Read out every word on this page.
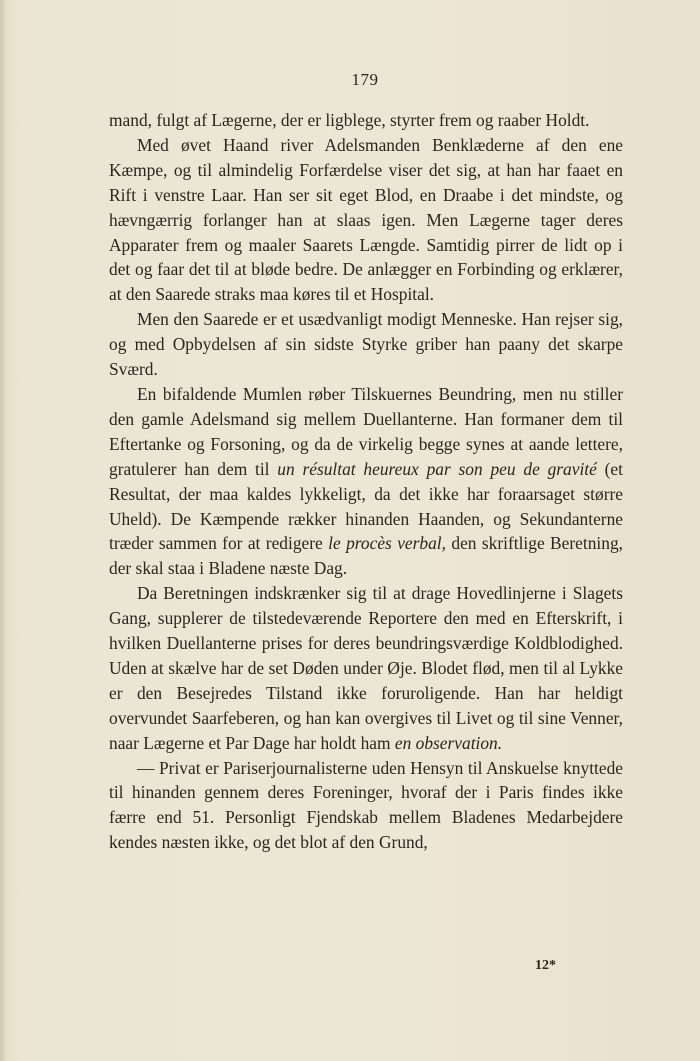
179

mand, fulgt af Lægerne, der er ligblege, styrter frem og raaber Holdt.

Med øvet Haand river Adelsmanden Benklæderne af den ene Kæmpe, og til almindelig Forfærdelse viser det sig, at han har faaet en Rift i venstre Laar. Han ser sit eget Blod, en Draabe i det mindste, og hævngærrig forlanger han at slaas igen. Men Lægerne tager deres Apparater frem og maaler Saarets Længde. Samtidig pirrer de lidt op i det og faar det til at bløde bedre. De anlægger en Forbinding og erklærer, at den Saarede straks maa køres til et Hospital.

Men den Saarede er et usædvanligt modigt Menneske. Han rejser sig, og med Opbydelsen af sin sidste Styrke griber han paany det skarpe Sværd.

En bifaldende Mumlen røber Tilskuernes Beundring, men nu stiller den gamle Adelsmand sig mellem Duellanterne. Han formaner dem til Eftertanke og Forsoning, og da de virkelig begge synes at aande lettere, gratulerer han dem til un résultat heureux par son peu de gravité (et Resultat, der maa kaldes lykkeligt, da det ikke har foraarsaget større Uheld). De Kæmpende rækker hinanden Haanden, og Sekundanterne træder sammen for at redigere le procès verbal, den skriftlige Beretning, der skal staa i Bladene næste Dag.

Da Beretningen indskrænker sig til at drage Hovedlinjerne i Slagets Gang, supplerer de tilstedeværende Reportere den med en Efterskrift, i hvilken Duellanterne prises for deres beundringsværdige Koldblodighed. Uden at skælve har de set Døden under Øje. Blodet flød, men til al Lykke er den Besejredes Tilstand ikke foruroligende. Han har heldigt overvundet Saarfeberen, og han kan overgives til Livet og til sine Venner, naar Lægerne et Par Dage har holdt ham en observation.

— Privat er Pariserjournalisterne uden Hensyn til Anskuelse knyttede til hinanden gennem deres Foreninger, hvoraf der i Paris findes ikke færre end 51. Personligt Fjendskab mellem Bladenes Medarbejdere kendes næsten ikke, og det blot af den Grund,

12*
